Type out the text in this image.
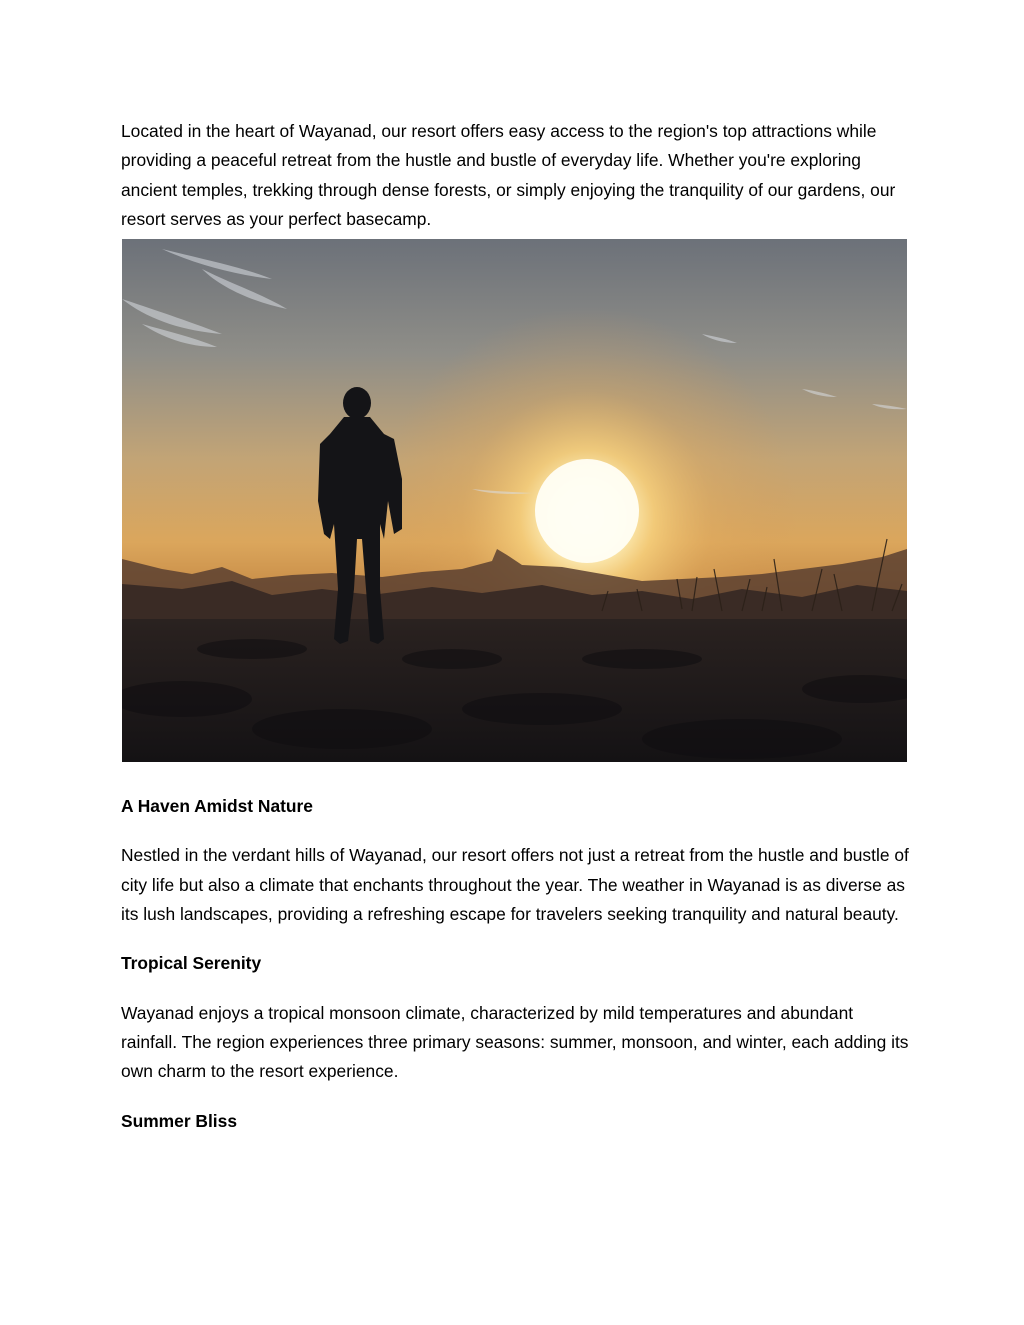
Located in the heart of Wayanad, our resort offers easy access to the region's top attractions while providing a peaceful retreat from the hustle and bustle of everyday life. Whether you're exploring ancient temples, trekking through dense forests, or simply enjoying the tranquility of our gardens, our resort serves as your perfect basecamp.

A Haven Amidst Nature

Nestled in the verdant hills of Wayanad, our resort offers not just a retreat from the hustle and bustle of city life but also a climate that enchants throughout the year. The weather in Wayanad is as diverse as its lush landscapes, providing a refreshing escape for travelers seeking tranquility and natural beauty.

Tropical Serenity

Wayanad enjoys a tropical monsoon climate, characterized by mild temperatures and abundant rainfall. The region experiences three primary seasons: summer, monsoon, and winter, each adding its own charm to the resort experience.

Summer Bliss
